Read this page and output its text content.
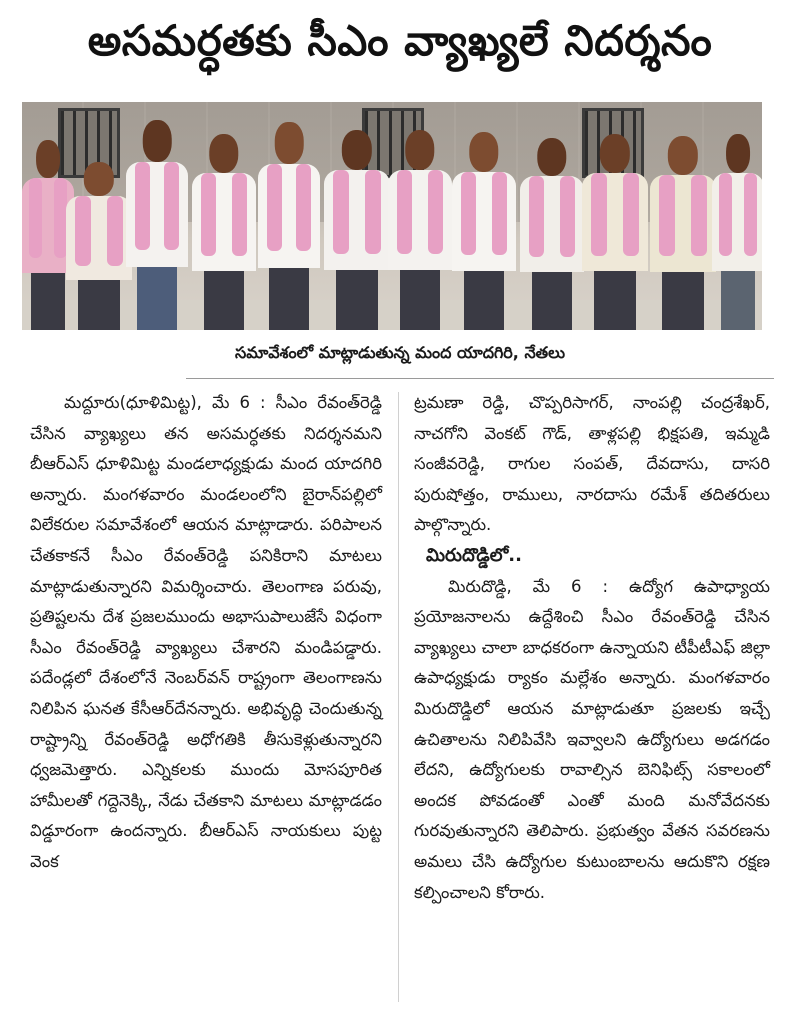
అసమర్ధతకు సీఎం వ్యాఖ్యలే నిదర్శనం
సమావేశంలో మాట్లాడుతున్న మంద యాదగిరి, నేతలు

మద్దూరు(ధూళిమిట్ట), మే 6 : సీఎం రేవంత్‌రెడ్డి చేసిన వ్యాఖ్యలు తన అసమర్ధతకు నిదర్శనమని బీఆర్‌ఎస్‌ ధూళిమిట్ట మండలాధ్యక్షుడు మంద యాదగిరి అన్నారు. మంగళవారం మండలంలోని బైరాన్‌పల్లిలో విలేకరుల సమావేశంలో ఆయన మాట్లాడారు. పరిపాలన చేతకాకనే సీఎం రేవంత్‌రెడ్డి పనికిరాని మాటలు మాట్లాడుతున్నారని విమర్శించారు. తెలంగాణ పరువు, ప్రతిష్టలను దేశ ప్రజలముందు అభాసుపాలుజేసే విధంగా సీఎం రేవంత్‌రెడ్డి వ్యాఖ్యలు చేశారని మండిపడ్డారు. పదేండ్లలో దేశంలోనే నెంబర్‌వన్‌ రాష్ట్రంగా తెలంగాణను నిలిపిన ఘనత కేసీఆర్‌దేనన్నారు. అభివృద్ధి చెందుతున్న రాష్ట్రాన్ని రేవంత్‌రెడ్డి అధోగతికి తీసుకెళ్లుతున్నారని ధ్వజమెత్తారు. ఎన్నికలకు ముందు మోసపూరిత హామీలతో గద్దెనెక్కి, నేడు చేతకాని మాటలు మాట్లాడడం విడ్డూరంగా ఉందన్నారు. బీఆర్‌ఎస్‌ నాయకులు పుట్ట వెంక

ట్రమణా రెడ్డి, చొప్పరిసాగర్‌, నాంపల్లి చంద్రశేఖర్‌, నాచగోని వెంకట్‌ గౌడ్‌, తాళ్లపల్లి భిక్షపతి, ఇమ్మడి సంజీవరెడ్డి, రాగుల సంపత్‌, దేవదాసు, దాసరి పురుషోత్తం, రాములు, నారదాసు రమేశ్‌ తదితరులు పాల్గొన్నారు.

మిరుదొడ్డిలో..

మిరుదొడ్డి, మే 6 : ఉద్యోగ ఉపాధ్యాయ ప్రయోజనాలను ఉద్దేశించి సీఎం రేవంత్‌రెడ్డి చేసిన వ్యాఖ్యలు చాలా బాధకరంగా ఉన్నాయని టీపీటీఎఫ్‌ జిల్లా ఉపాధ్యక్షుడు ర్యాకం మల్లేశం అన్నారు. మంగళవారం మిరుదొడ్డిలో ఆయన మాట్లాడుతూ ప్రజలకు ఇచ్చే ఉచితాలను నిలిపివేసి ఇవ్వాలని ఉద్యోగులు అడగడం లేదని, ఉద్యోగులకు రావాల్సిన బెనిఫిట్స్‌ సకాలంలో అందక పోవడంతో ఎంతో మంది మనోవేదనకు గురవుతున్నారని తెలిపారు. ప్రభుత్వం వేతన సవరణను అమలు చేసి ఉద్యోగుల కుటుంబాలను ఆదుకొని రక్షణ కల్పించాలని కోరారు.
